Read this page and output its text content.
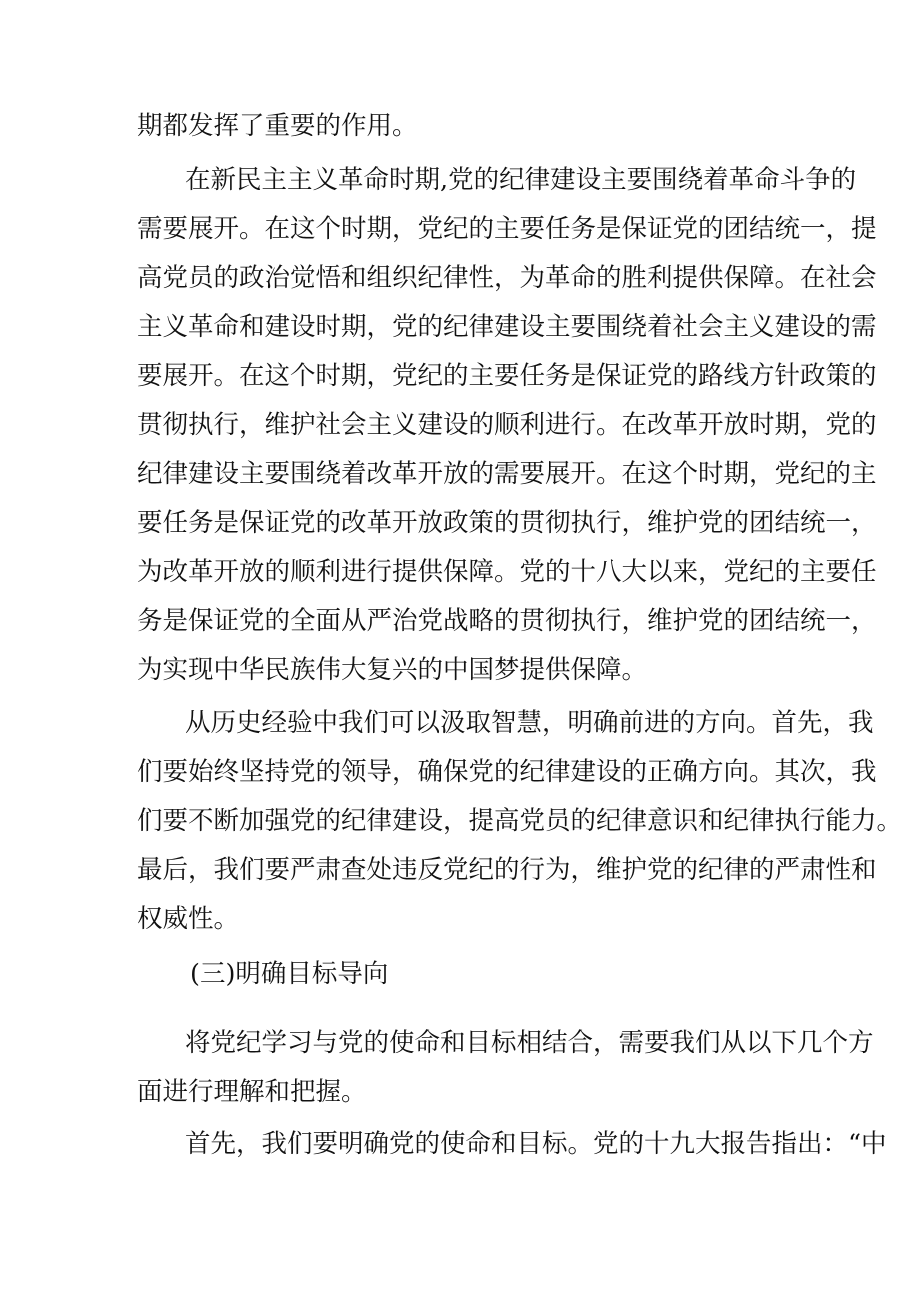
期都发挥了重要的作用。
在新民主主义革命时期,党的纪律建设主要围绕着革命斗争的
需要展开。在这个时期，党纪的主要任务是保证党的团结统一，提
高党员的政治觉悟和组织纪律性，为革命的胜利提供保障。在社会
主义革命和建设时期，党的纪律建设主要围绕着社会主义建设的需
要展开。在这个时期，党纪的主要任务是保证党的路线方针政策的
贯彻执行，维护社会主义建设的顺利进行。在改革开放时期，党的
纪律建设主要围绕着改革开放的需要展开。在这个时期，党纪的主
要任务是保证党的改革开放政策的贯彻执行，维护党的团结统一，
为改革开放的顺利进行提供保障。党的十八大以来，党纪的主要任
务是保证党的全面从严治党战略的贯彻执行，维护党的团结统一，
为实现中华民族伟大复兴的中国梦提供保障。
从历史经验中我们可以汲取智慧，明确前进的方向。首先，我
们要始终坚持党的领导，确保党的纪律建设的正确方向。其次，我
们要不断加强党的纪律建设，提高党员的纪律意识和纪律执行能力。
最后，我们要严肃查处违反党纪的行为，维护党的纪律的严肃性和
权威性。
(三)明确目标导向
将党纪学习与党的使命和目标相结合，需要我们从以下几个方
面进行理解和把握。
首先，我们要明确党的使命和目标。党的十九大报告指出：“中
